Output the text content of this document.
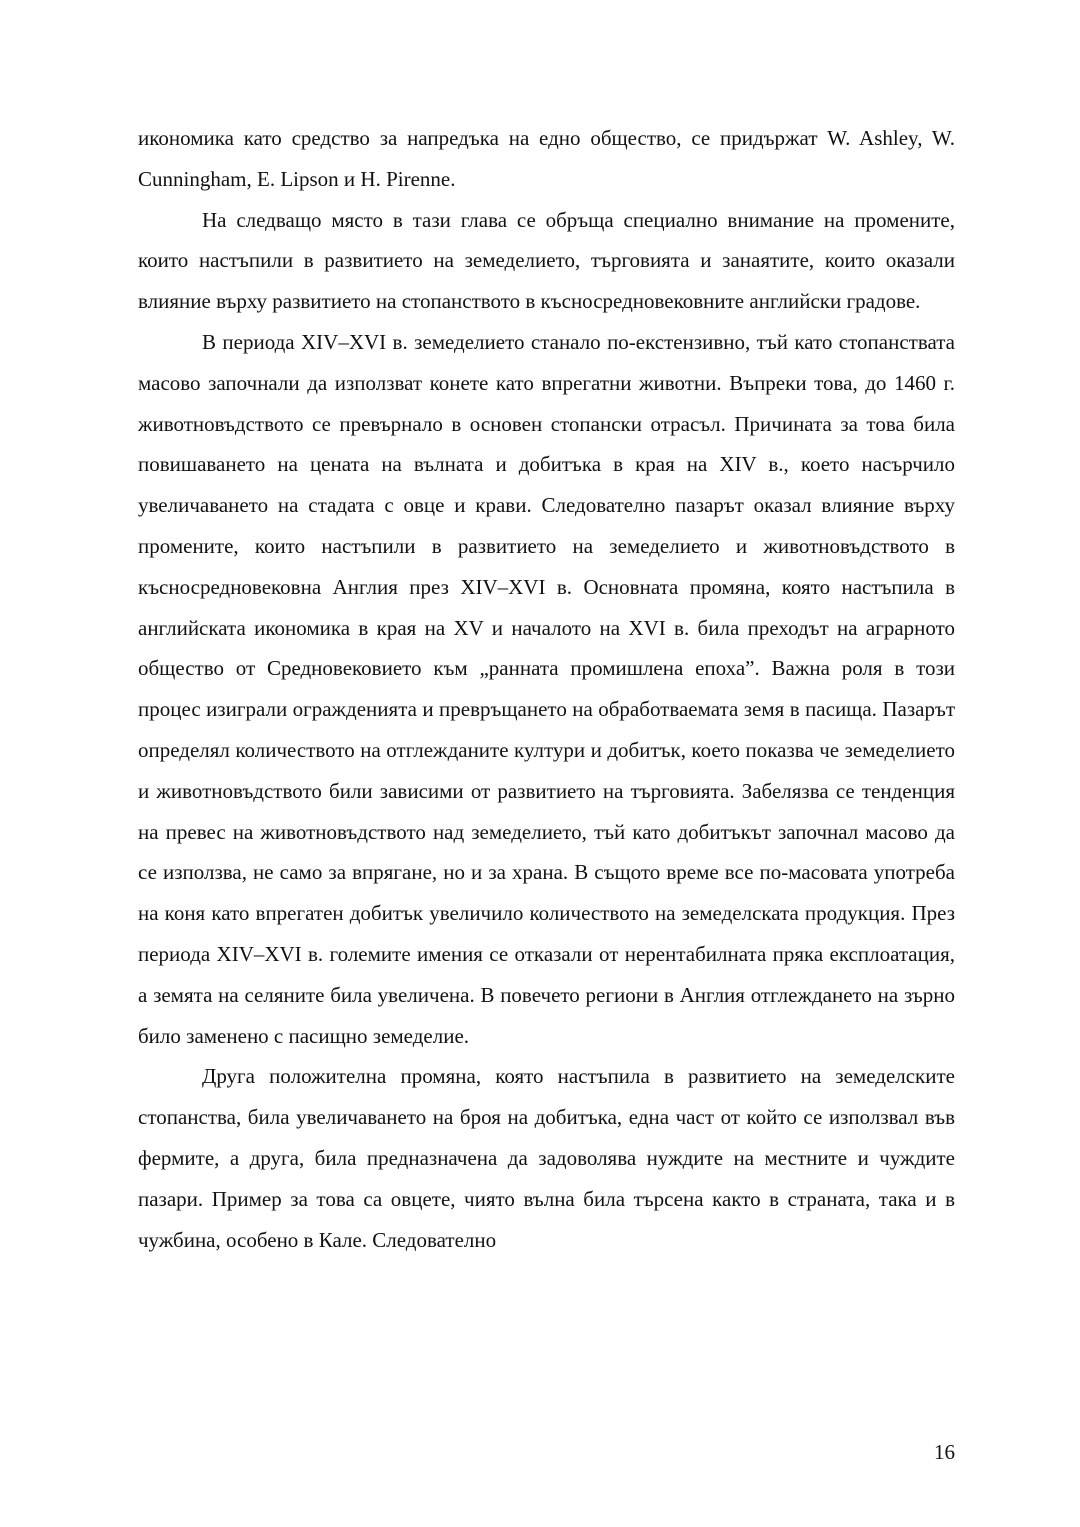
икономика като средство за напредъка на едно общество, се придържат W. Ashley, W. Cunningham, E. Lipson и H. Pirenne.

На следващо място в тази глава се обръща специално внимание на промените, които настъпили в развитието на земеделието, търговията и занаятите, които оказали влияние върху развитието на стопанството в късносредновековните английски градове.

В периода XIV–XVI в. земеделието станало по-екстензивно, тъй като стопанствата масово започнали да използват конете като впрегатни животни. Въпреки това, до 1460 г. животновъдството се превърнало в основен стопански отрасъл. Причината за това била повишаването на цената на вълната и добитъка в края на XIV в., което насърчило увеличаването на стадата с овце и крави. Следователно пазарът оказал влияние върху промените, които настъпили в развитието на земеделието и животновъдството в късносредновековна Англия през XIV–XVI в. Основната промяна, която настъпила в английската икономика в края на XV и началото на XVI в. била преходът на аграрното общество от Средновековието към „ранната промишлена епоха”. Важна роля в този процес изиграли огражденията и превръщането на обработваемата земя в пасища. Пазарът определял количеството на отглежданите култури и добитък, което показва че земеделието и животновъдството били зависими от развитието на търговията. Забелязва се тенденция на превес на животновъдството над земеделието, тъй като добитъкът започнал масово да се използва, не само за впрягане, но и за храна. В същото време все по-масовата употреба на коня като впрегатен добитък увеличило количеството на земеделската продукция. През периода XIV–XVI в. големите имения се отказали от нерентабилната пряка експлоатация, а земята на селяните била увеличена. В повечето региони в Англия отглеждането на зърно било заменено с пасищно земеделие.

Друга положителна промяна, която настъпила в развитието на земеделските стопанства, била увеличаването на броя на добитъка, една част от който се използвал във фермите, а друга, била предназначена да задоволява нуждите на местните и чуждите пазари. Пример за това са овцете, чиято вълна била търсена както в страната, така и в чужбина, особено в Кале. Следователно

16
